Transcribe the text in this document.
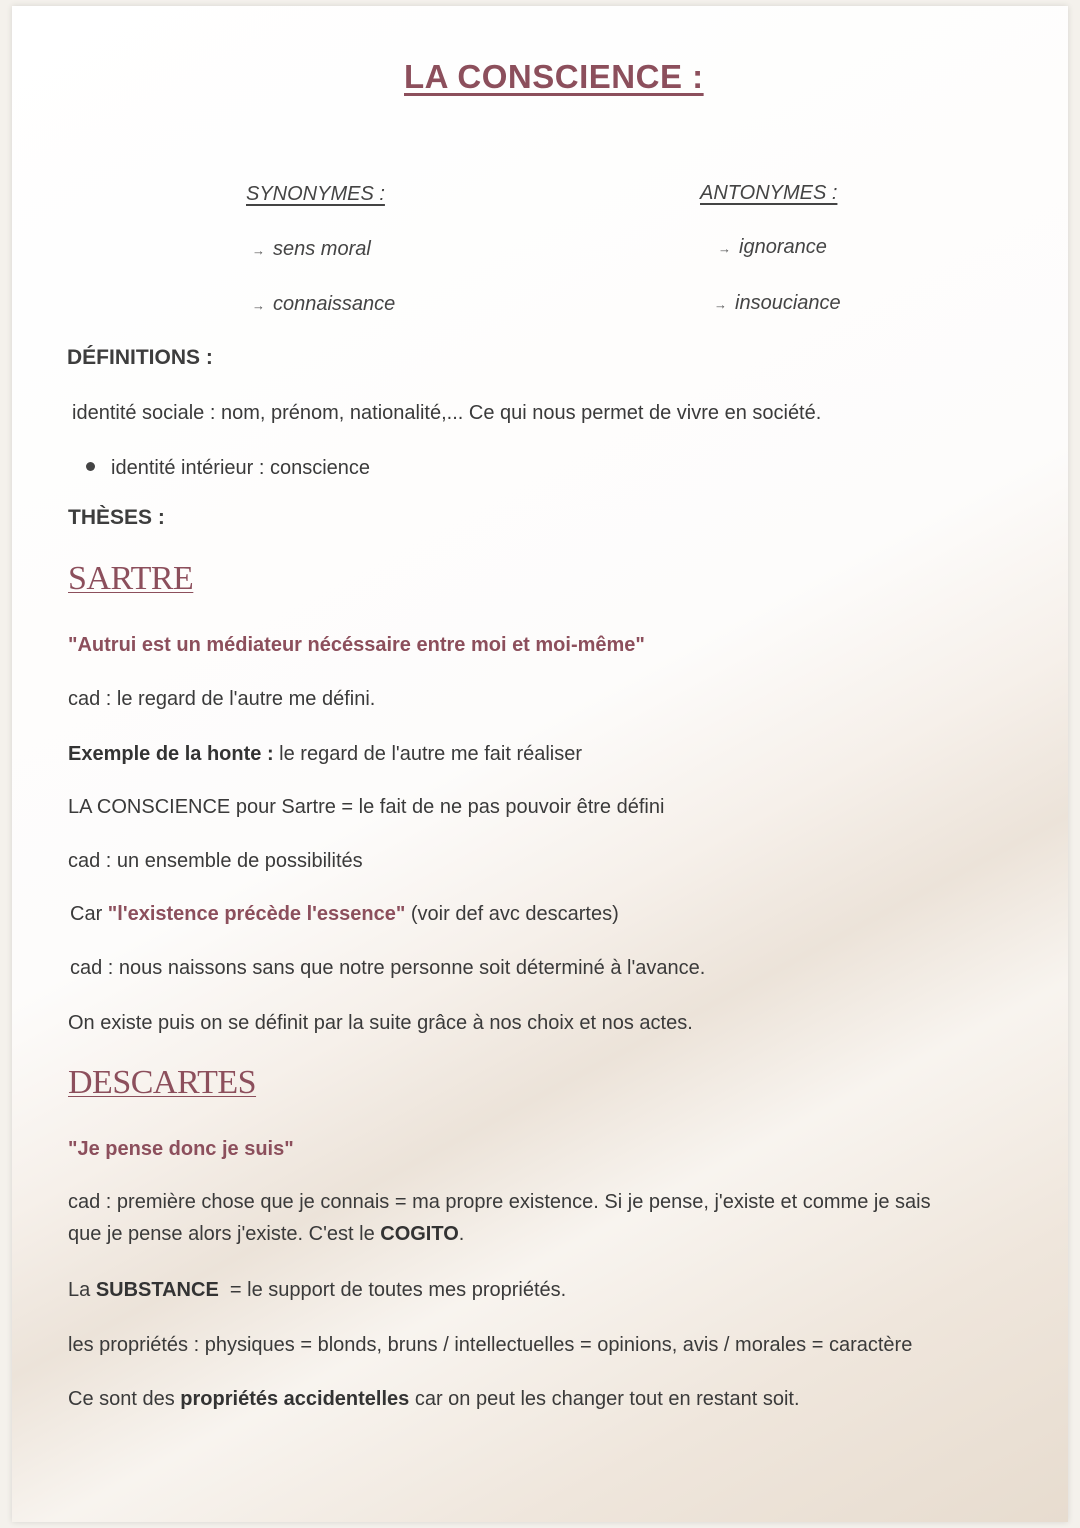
LA CONSCIENCE :
SYNONYMES :
→ sens moral
→ connaissance
ANTONYMES :
→ ignorance
→ insouciance
DÉFINITIONS :
identité sociale : nom, prénom, nationalité,... Ce qui nous permet de vivre en société.
identité intérieur : conscience
THÈSES :
SARTRE
"Autrui est un médiateur nécéssaire entre moi et moi-même"
cad : le regard de l'autre me défini.
Exemple de la honte : le regard de l'autre me fait réaliser
LA CONSCIENCE pour Sartre = le fait de ne pas pouvoir être défini
cad : un ensemble de possibilités
Car "l'existence précède l'essence" (voir def avc descartes)
cad : nous naissons sans que notre personne soit déterminé à l'avance.
On existe puis on se définit par la suite grâce à nos choix et nos actes.
DESCARTES
"Je pense donc je suis"
cad : première chose que je connais = ma propre existence. Si je pense, j'existe et comme je sais
que je pense alors j'existe. C'est le COGITO.
La SUBSTANCE  = le support de toutes mes propriétés.
les propriétés : physiques = blonds, bruns / intellectuelles = opinions, avis / morales = caractère
Ce sont des propriétés accidentelles car on peut les changer tout en restant soit.
